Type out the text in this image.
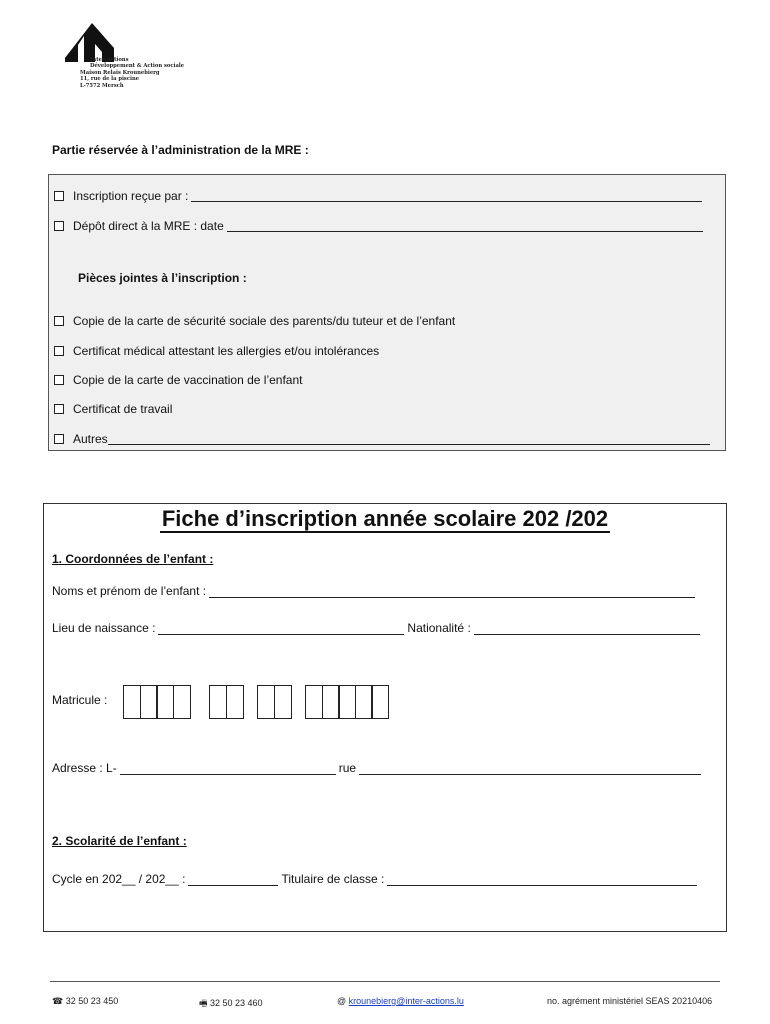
Inter-Actions
Développement & Action sociale
Maison Relais Krounebierg
11, rue de la piscine
L-7572 Mersch
Partie réservée à l’administration de la MRE :
Inscription reçue par :
Dépôt direct à la MRE : date
Pièces jointes à l’inscription :
Copie de la carte de sécurité sociale des parents/du tuteur et de l’enfant
Certificat médical attestant les allergies et/ou intolérances
Copie de la carte de vaccination de l’enfant
Certificat de travail
Autres
Fiche d’inscription année scolaire 202 /202
1. Coordonnées de l’enfant :
Noms et prénom de l’enfant :
Lieu de naissance :	Nationalité :
Matricule :
Adresse : L-	rue
2. Scolarité de l’enfant :
Cycle en 202__ / 202__ :	Titulaire de classe :
☎ 32 50 23 450	🖷 32 50 23 460	@ krounebierg@inter-actions.lu	no. agrément ministériel SEAS 20210406
